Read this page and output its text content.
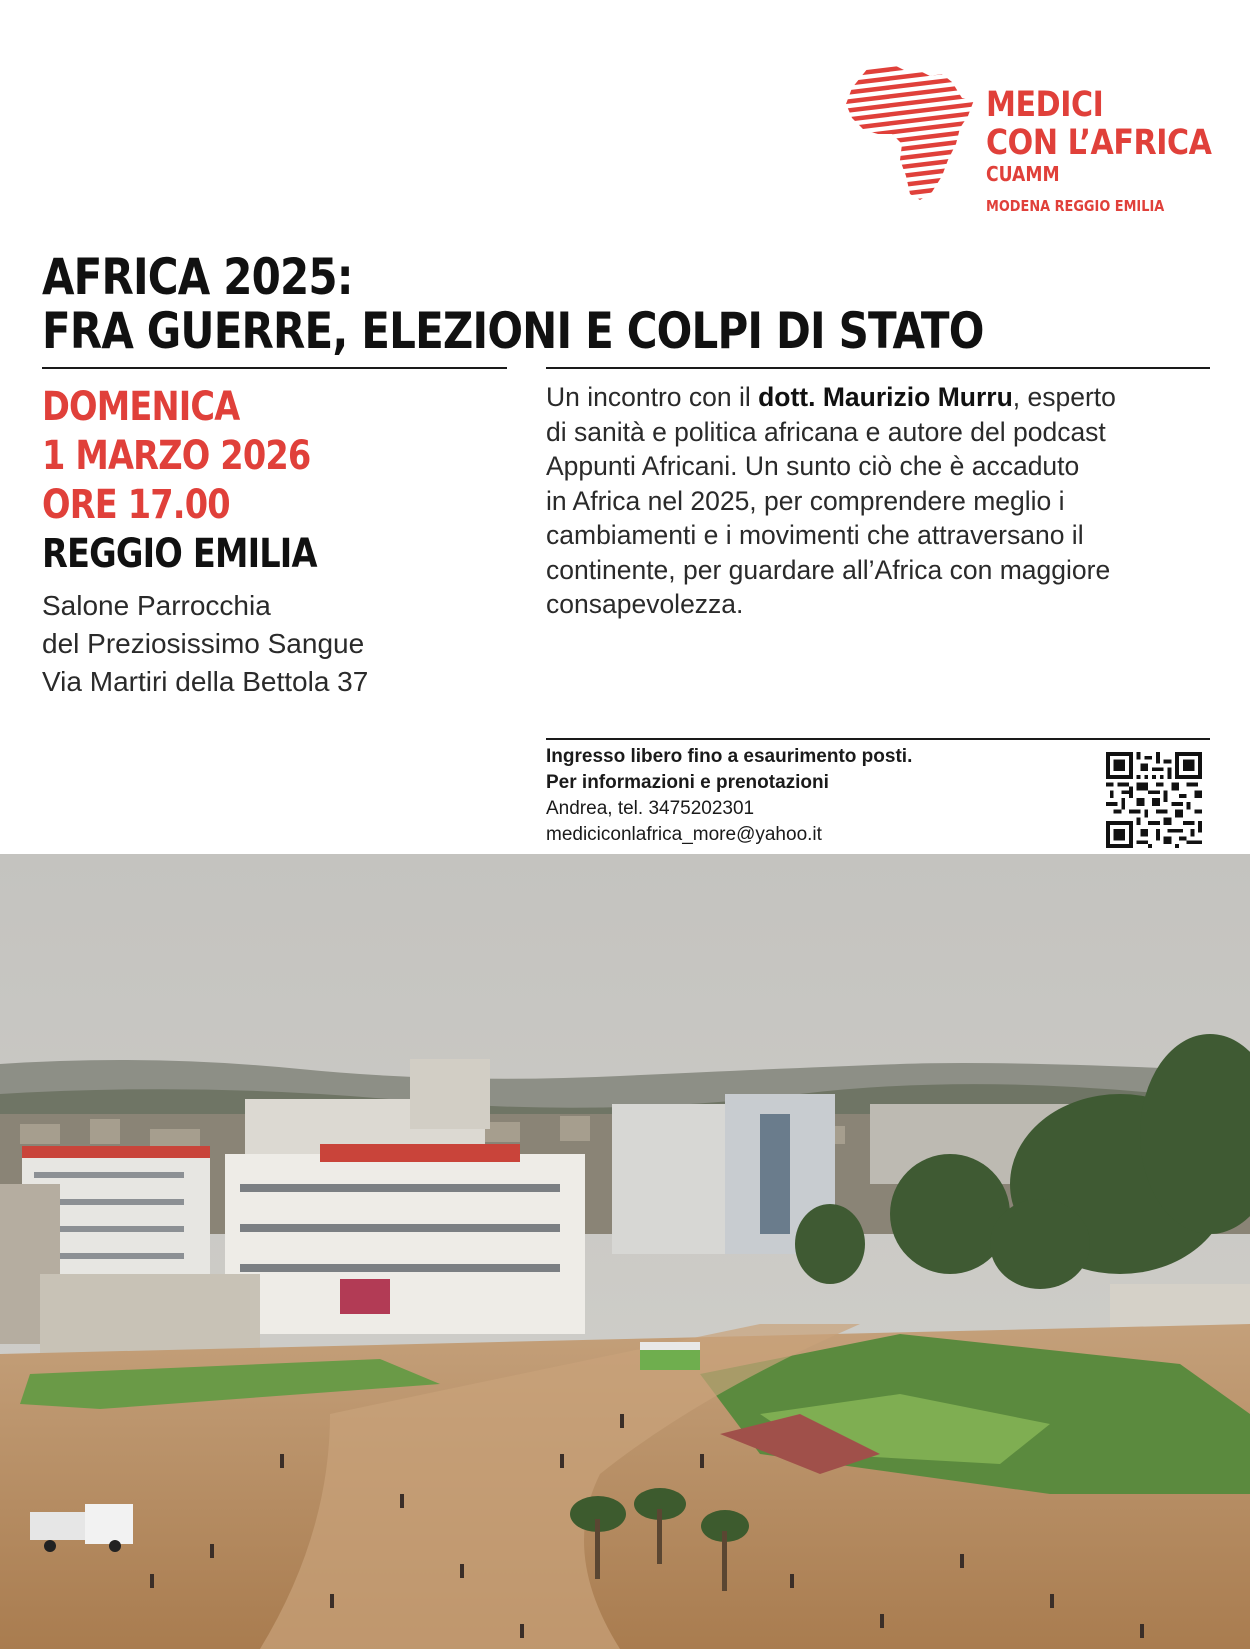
MEDICI
CON L’AFRICA
CUAMM
MODENA REGGIO EMILIA
AFRICA 2025:
FRA GUERRE, ELEZIONI E COLPI DI STATO
DOMENICA
1 MARZO 2026
ORE 17.00
REGGIO EMILIA
Salone Parrocchia
del Preziosissimo Sangue
Via Martiri della Bettola 37
Un incontro con il dott. Maurizio Murru, esperto
di sanità e politica africana e autore del podcast
Appunti Africani. Un sunto ciò che è accaduto
in Africa nel 2025, per comprendere meglio i
cambiamenti e i movimenti che attraversano il
continente, per guardare all’Africa con maggiore
consapevolezza.
Ingresso libero fino a esaurimento posti.
Per informazioni e prenotazioni
Andrea, tel. 3475202301
mediciconlafrica_more@yahoo.it
